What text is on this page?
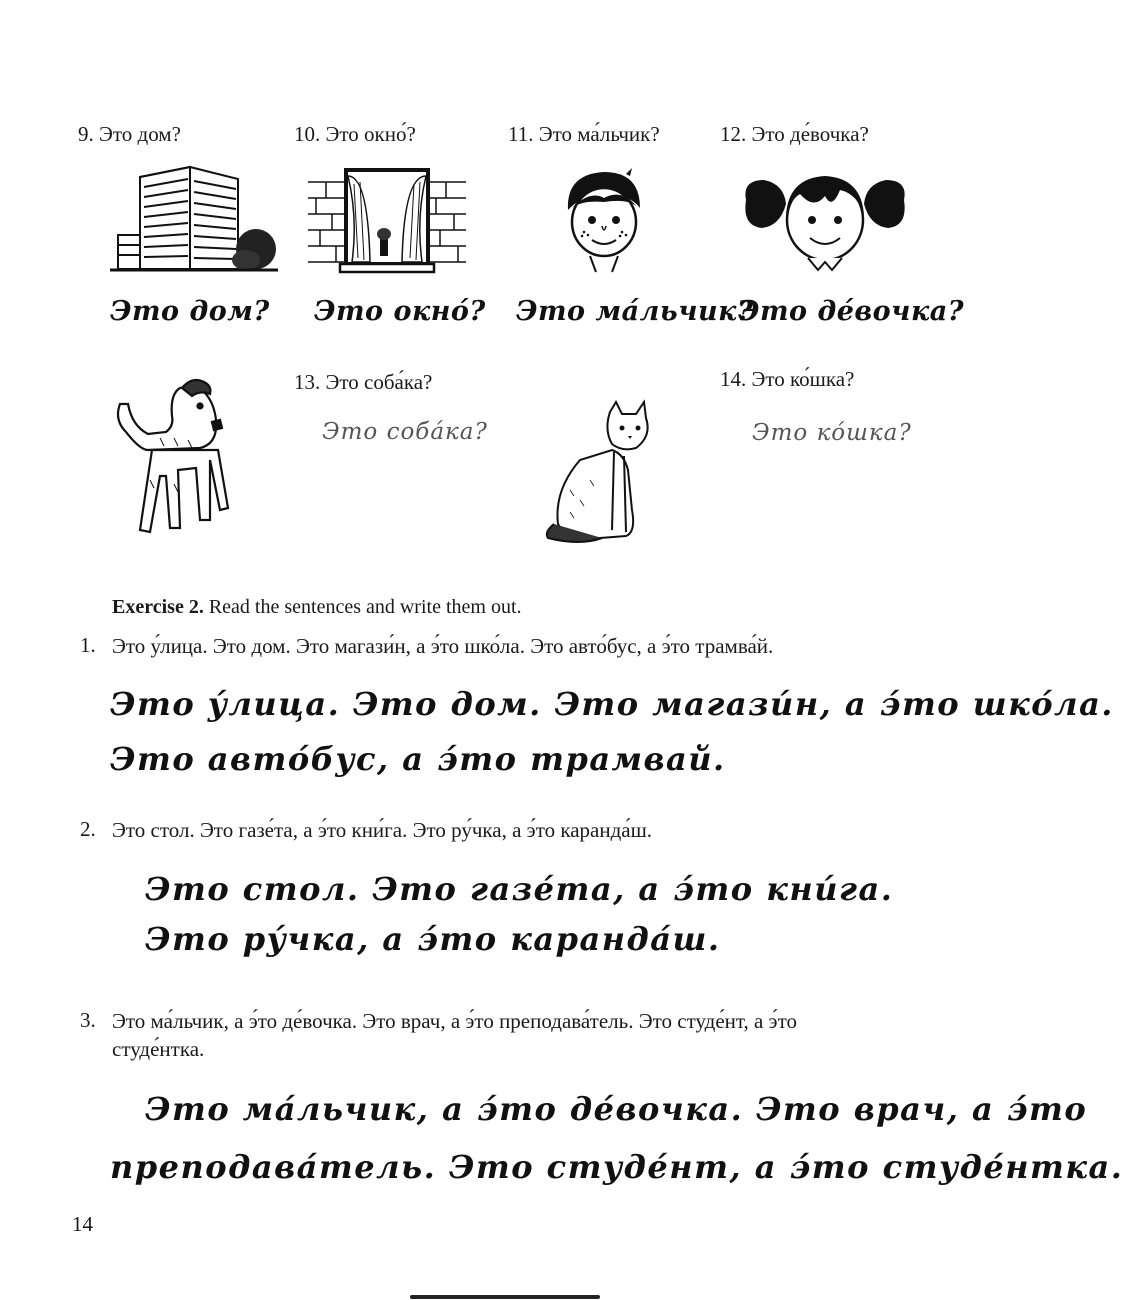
9. Это дом?	10. Это окно́?	11. Это ма́льчик?	12. Это де́вочка?
Это дом? Это окно́? Это ма́льчик?
Это де́вочка?
13. Это соба́ка?
Это соба́ка?
14. Это ко́шка?
Это ко́шка?
Exercise 2. Read the sentences and write them out.
1. Это у́лица. Это дом. Это магази́н, а э́то шко́ла. Это авто́бус, а э́то трамва́й.
Это у́лица. Это дом. Это магази́н, а э́то шко́ла.
Это авто́бус, а э́то трамвай.
2. Это стол. Это газе́та, а э́то кни́га. Это ру́чка, а э́то каранда́ш.
Это стол. Это газе́та, а э́то кни́га.
Это ру́чка, а э́то каранда́ш.
3. Это ма́льчик, а э́то де́вочка. Это врач, а э́то преподава́тель. Это студе́нт, а э́то
студе́нтка.
Это ма́льчик, а э́то де́вочка. Это врач, а э́то
преподава́тель. Это студе́нт, а э́то студе́нтка.
14
